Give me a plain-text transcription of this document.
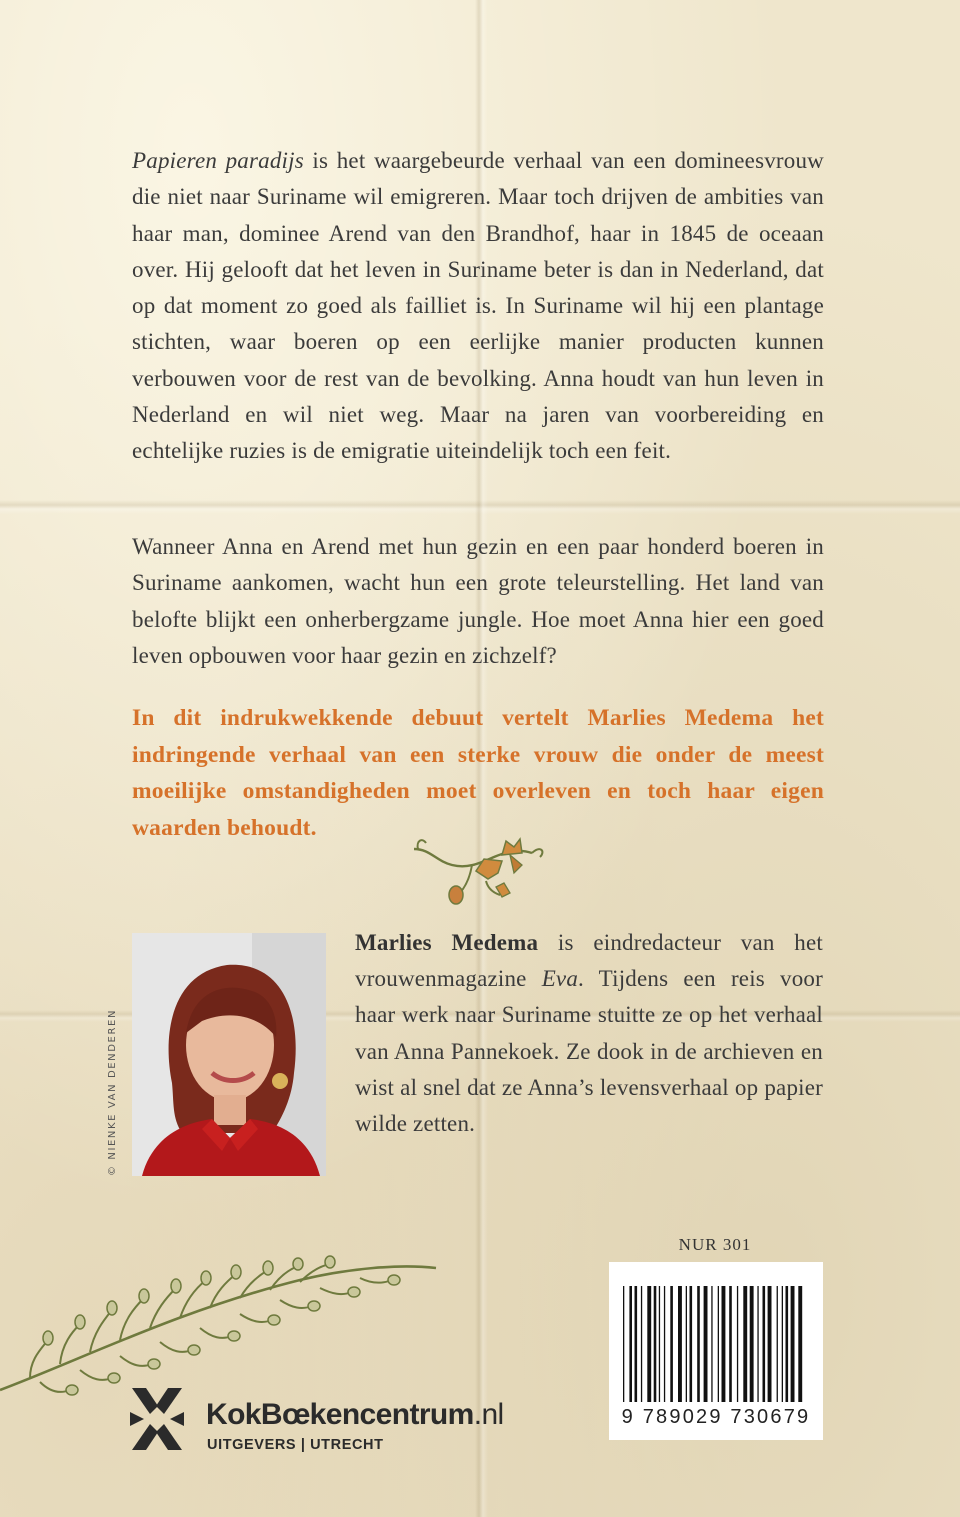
Papieren paradijs is het waargebeurde verhaal van een domineesvrouw die niet naar Suriname wil emigreren. Maar toch drijven de ambities van haar man, dominee Arend van den Brandhof, haar in 1845 de oceaan over. Hij gelooft dat het leven in Suriname beter is dan in Nederland, dat op dat moment zo goed als failliet is. In Suriname wil hij een plantage stichten, waar boeren op een eerlijke manier producten kunnen verbouwen voor de rest van de bevolking. Anna houdt van hun leven in Nederland en wil niet weg. Maar na jaren van voorbereiding en echtelijke ruzies is de emigratie uiteindelijk toch een feit.
Wanneer Anna en Arend met hun gezin en een paar honderd boeren in Suriname aankomen, wacht hun een grote teleurstelling. Het land van belofte blijkt een onherbergzame jungle. Hoe moet Anna hier een goed leven opbouwen voor haar gezin en zichzelf?
In dit indrukwekkende debuut vertelt Marlies Medema het indringende verhaal van een sterke vrouw die onder de meest moeilijke omstandigheden moet overleven en toch haar eigen waarden behoudt.
© NIENKE VAN DENDEREN
Marlies Medema is eindredacteur van het vrouwenmagazine Eva. Tijdens een reis voor haar werk naar Suriname stuitte ze op het verhaal van Anna Pannekoek. Ze dook in de archieven en wist al snel dat ze Anna’s levensverhaal op papier wilde zetten.
NUR 301
9 789029 730679
KokBœkencentrum.nl
UITGEVERS | UTRECHT
